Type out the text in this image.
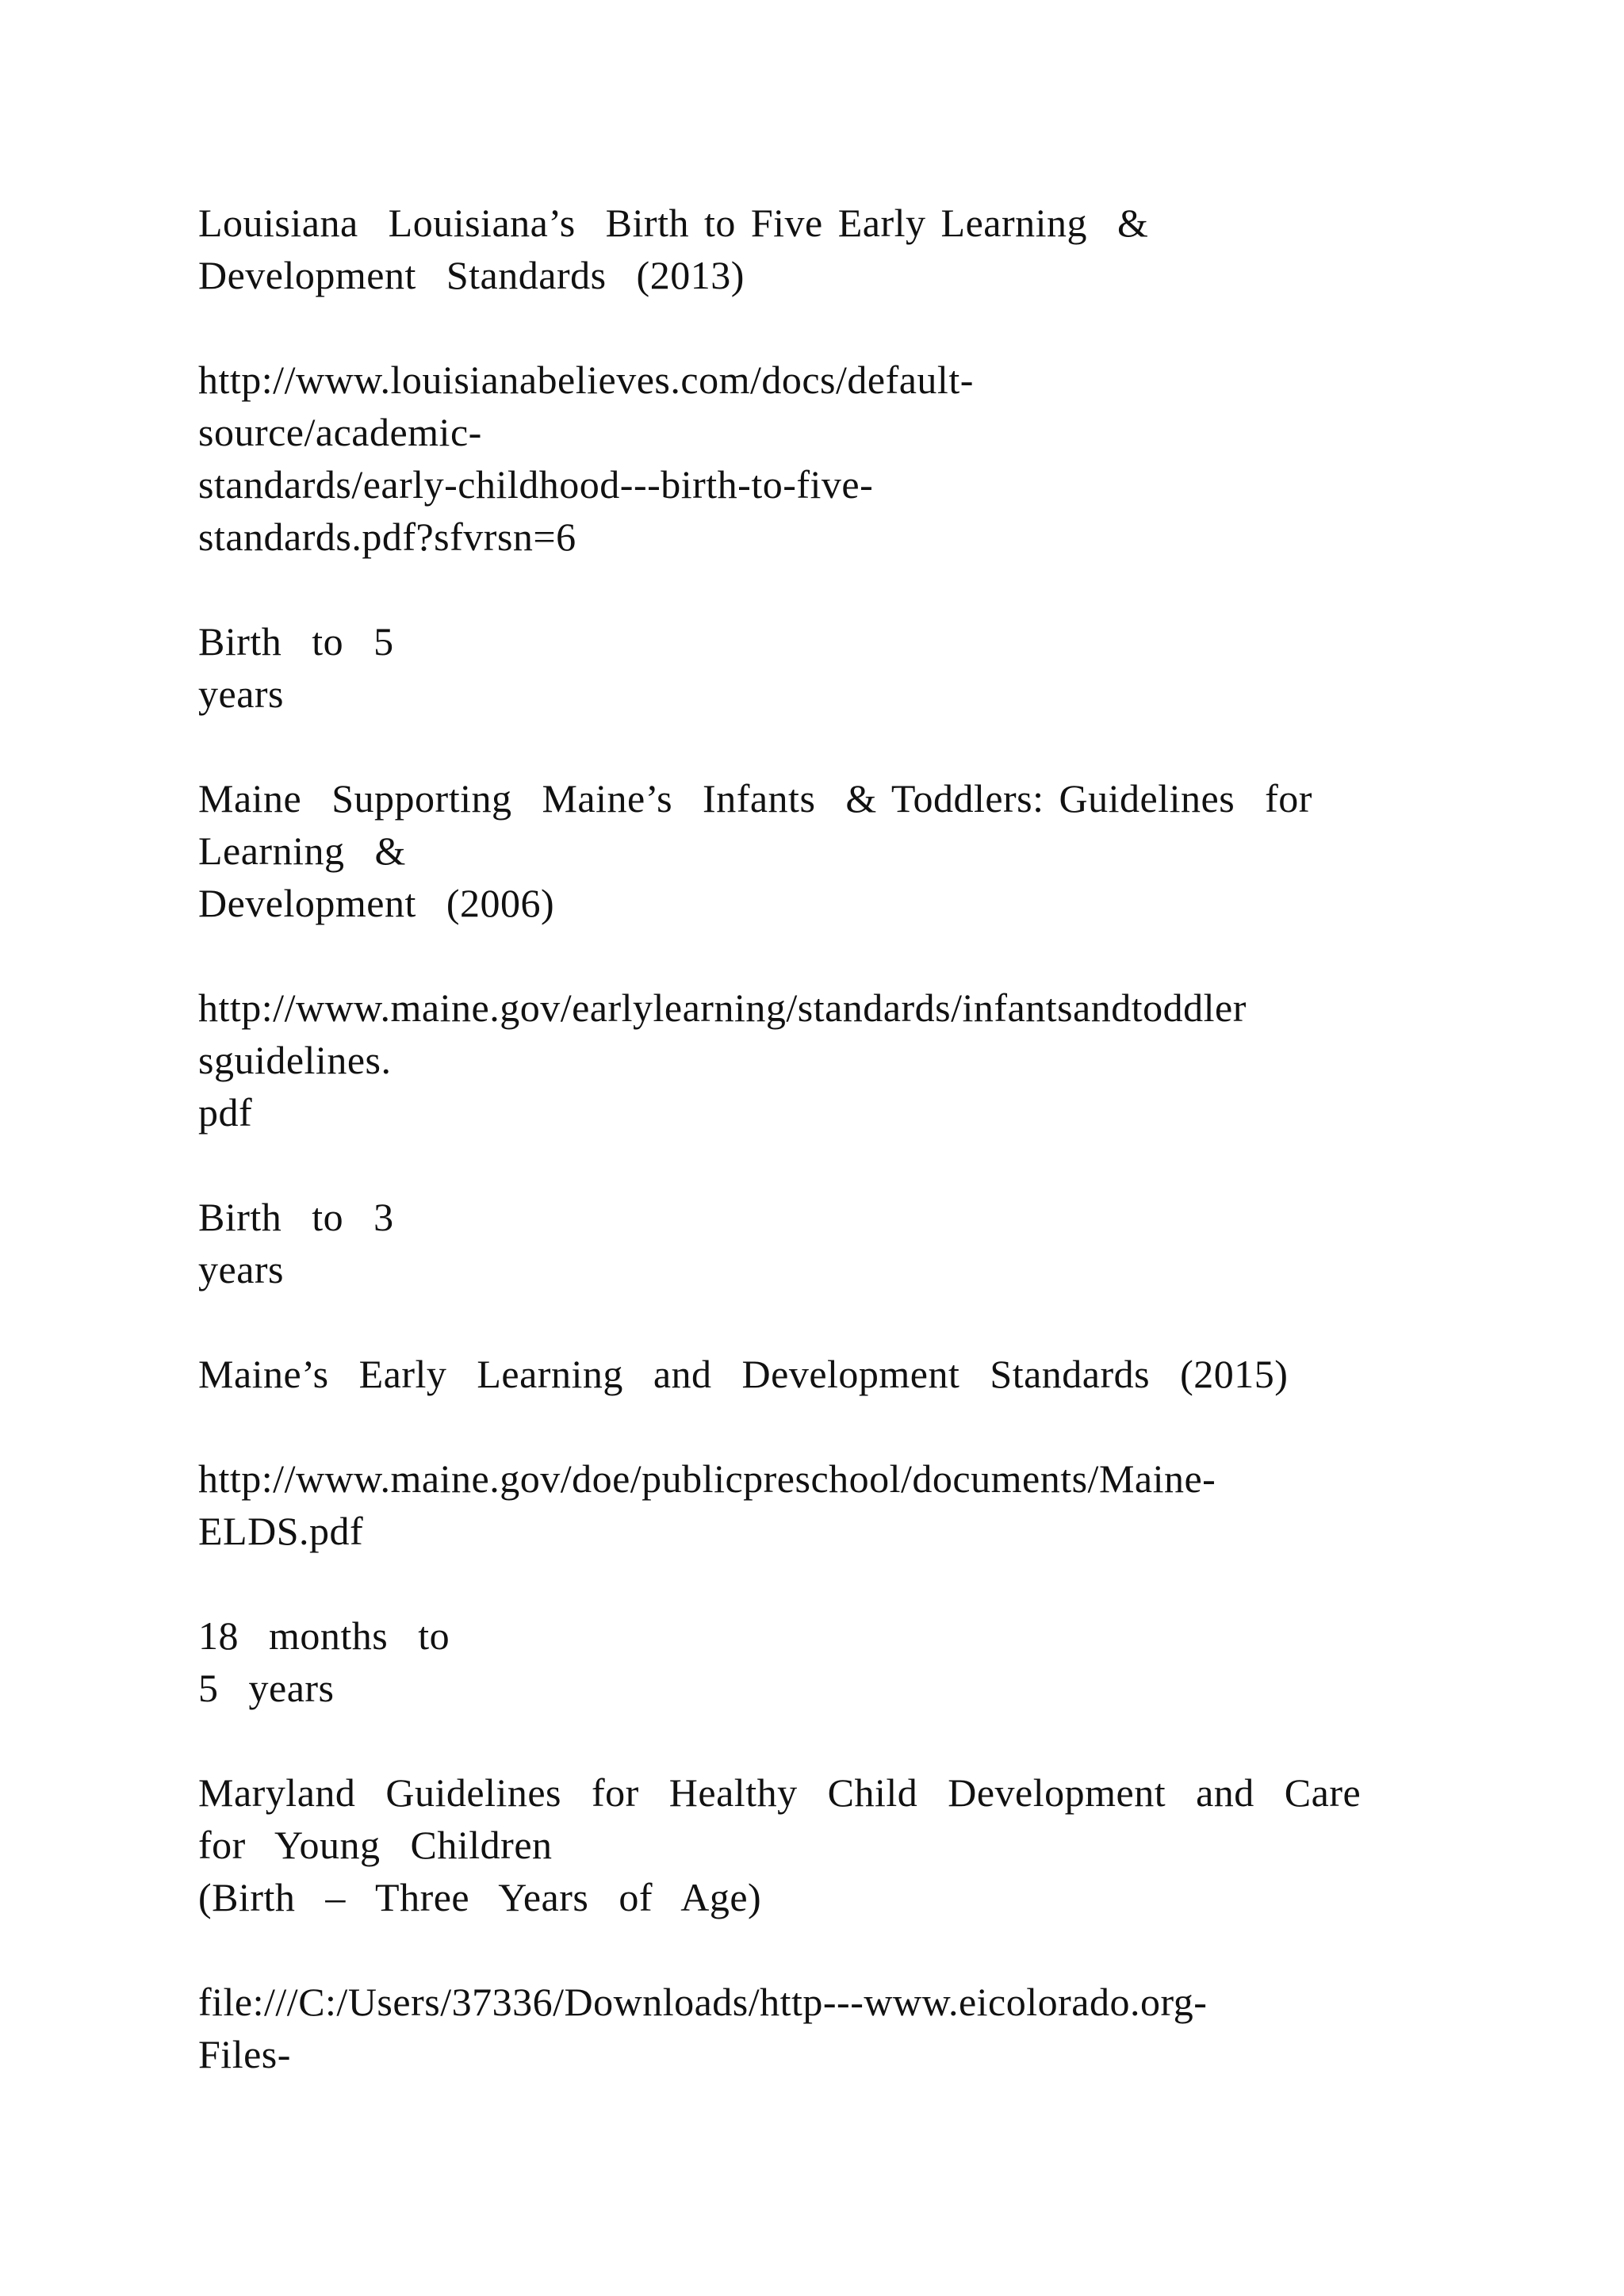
Louisiana  Louisiana’s  Birth to Five Early Learning  &
Development  Standards  (2013)
http://www.louisianabelieves.com/docs/default-
source/academic-
standards/early-childhood---birth-to-five-
standards.pdf?sfvrsn=6
Birth  to  5
years
Maine  Supporting  Maine’s  Infants  & Toddlers: Guidelines  for
Learning  &
Development  (2006)
http://www.maine.gov/earlylearning/standards/infantsandtoddler
sguidelines.
pdf
Birth  to  3
years
Maine’s  Early  Learning  and  Development  Standards  (2015)
http://www.maine.gov/doe/publicpreschool/documents/Maine-
ELDS.pdf
18  months  to
5  years
Maryland  Guidelines  for  Healthy  Child  Development  and  Care
for  Young  Children
(Birth  –  Three  Years  of  Age)
file:///C:/Users/37336/Downloads/http---www.eicolorado.org-
Files-
